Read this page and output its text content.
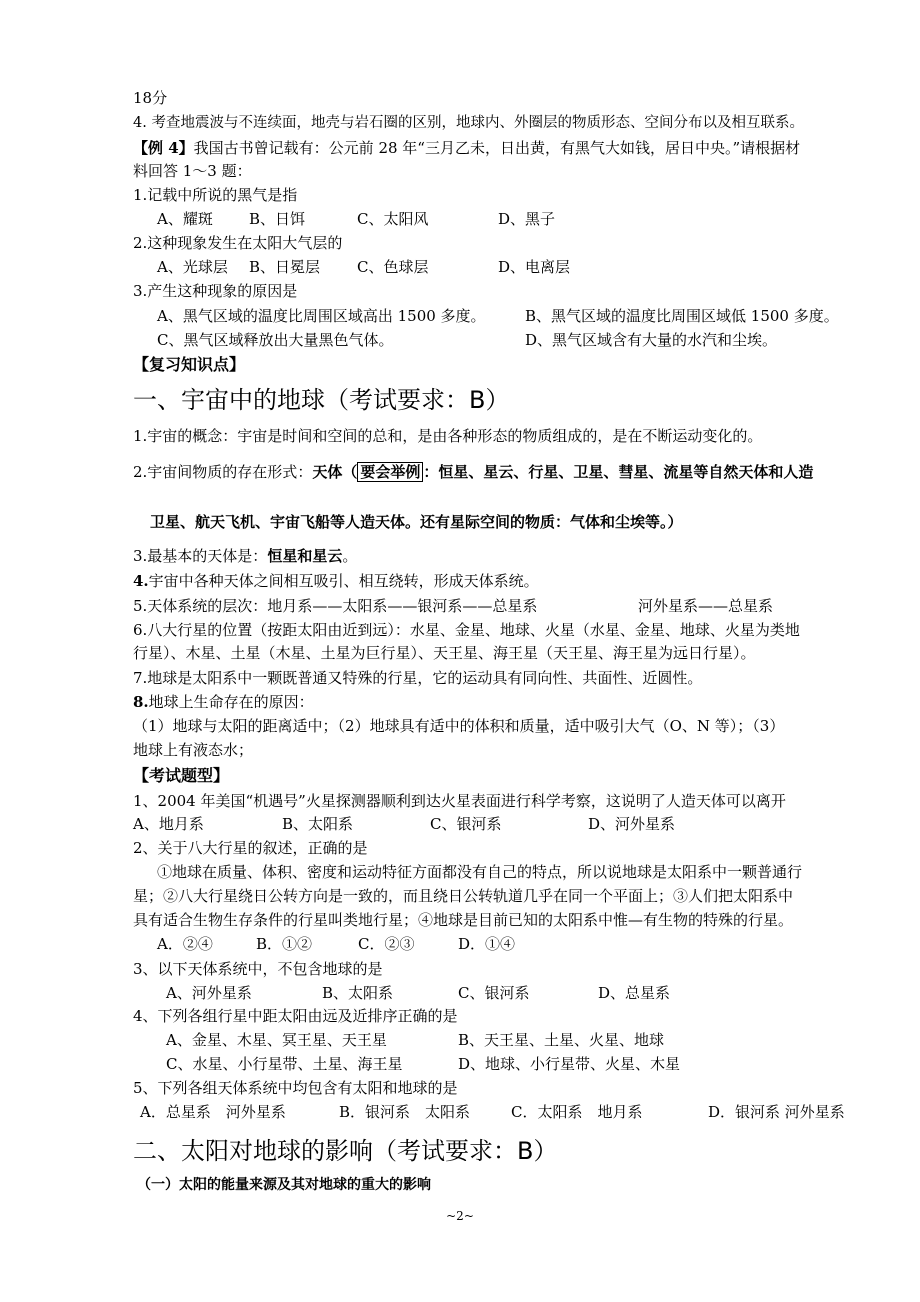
18分
4. 考查地震波与不连续面，地壳与岩石圈的区别，地球内、外圈层的物质形态、空间分布以及相互联系。
【例 4】我国古书曾记载有：公元前 28 年“三月乙未，日出黄，有黑气大如钱，居日中央。”请根据材
料回答 1～3 题：
1.记载中所说的黑气是指
A、耀斑 B、日饵	C、太阳风	D、黑子
2.这种现象发生在太阳大气层的
A、光球层 B、日冕层 C、色球层	D、电离层
3.产生这种现象的原因是
A、黑气区域的温度比周围区域高出 1500 多度。	B、黑气区域的温度比周围区域低 1500 多度。
C、黑气区域释放出大量黑色气体。	D、黑气区域含有大量的水汽和尘埃。
【复习知识点】
一、宇宙中的地球（考试要求：B）
1.宇宙的概念：宇宙是时间和空间的总和，是由各种形态的物质组成的，是在不断运动变化的。
2.宇宙间物质的存在形式：天体（ 要会举例 ：恒星、星云、行星、卫星、彗星、流星等自然天体和人造
卫星、航天飞机、宇宙飞船等人造天体。还有星际空间的物质：气体和尘埃等。）
3.最基本的天体是：恒星和星云。
4.宇宙中各种天体之间相互吸引、相互绕转，形成天体系统。
5.天体系统的层次：地月系——太阳系——银河系——总星系	河外星系——总星系
6.八大行星的位置（按距太阳由近到远）：水星、金星、地球、火星（水星、金星、地球、火星为类地
行星）、木星、土星（木星、土星为巨行星）、天王星、海王星（天王星、海王星为远日行星）。
7.地球是太阳系中一颗既普通又特殊的行星，它的运动具有同向性、共面性、近圆性。
8.地球上生命存在的原因：
（1）地球与太阳的距离适中；（2）地球具有适中的体积和质量，适中吸引大气（O、N 等）；（3）
地球上有液态水；
【考试题型】
1、2004 年美国“机遇号”火星探测器顺利到达火星表面进行科学考察，这说明了人造天体可以离开
A、地月系	B、太阳系	C、银河系	D、河外星系
2、关于八大行星的叙述，正确的是
①地球在质量、体积、密度和运动特征方面都没有自己的特点，所以说地球是太阳系中一颗普通行
星；②八大行星绕日公转方向是一致的，而且绕日公转轨道几乎在同一个平面上；③人们把太阳系中
具有适合生物生存条件的行星叫类地行星；④地球是目前已知的太阳系中惟—有生物的特殊的行星。
A．②④	B．①②	C．②③	D．①④
3、以下天体系统中，不包含地球的是
A、河外星系	B、太阳系	C、银河系	D、总星系
4、下列各组行星中距太阳由远及近排序正确的是
A、金星、木星、冥王星、天王星	B、天王星、土星、火星、地球
C、水星、小行星带、土星、海王星	D、地球、小行星带、火星、木星
5、下列各组天体系统中均包含有太阳和地球的是
A．总星系　河外星系	B．银河系　太阳系	C．太阳系　地月系	D．银河系 河外星系
二、太阳对地球的影响（考试要求：B）
（一）太阳的能量来源及其对地球的重大的影响
~2~
